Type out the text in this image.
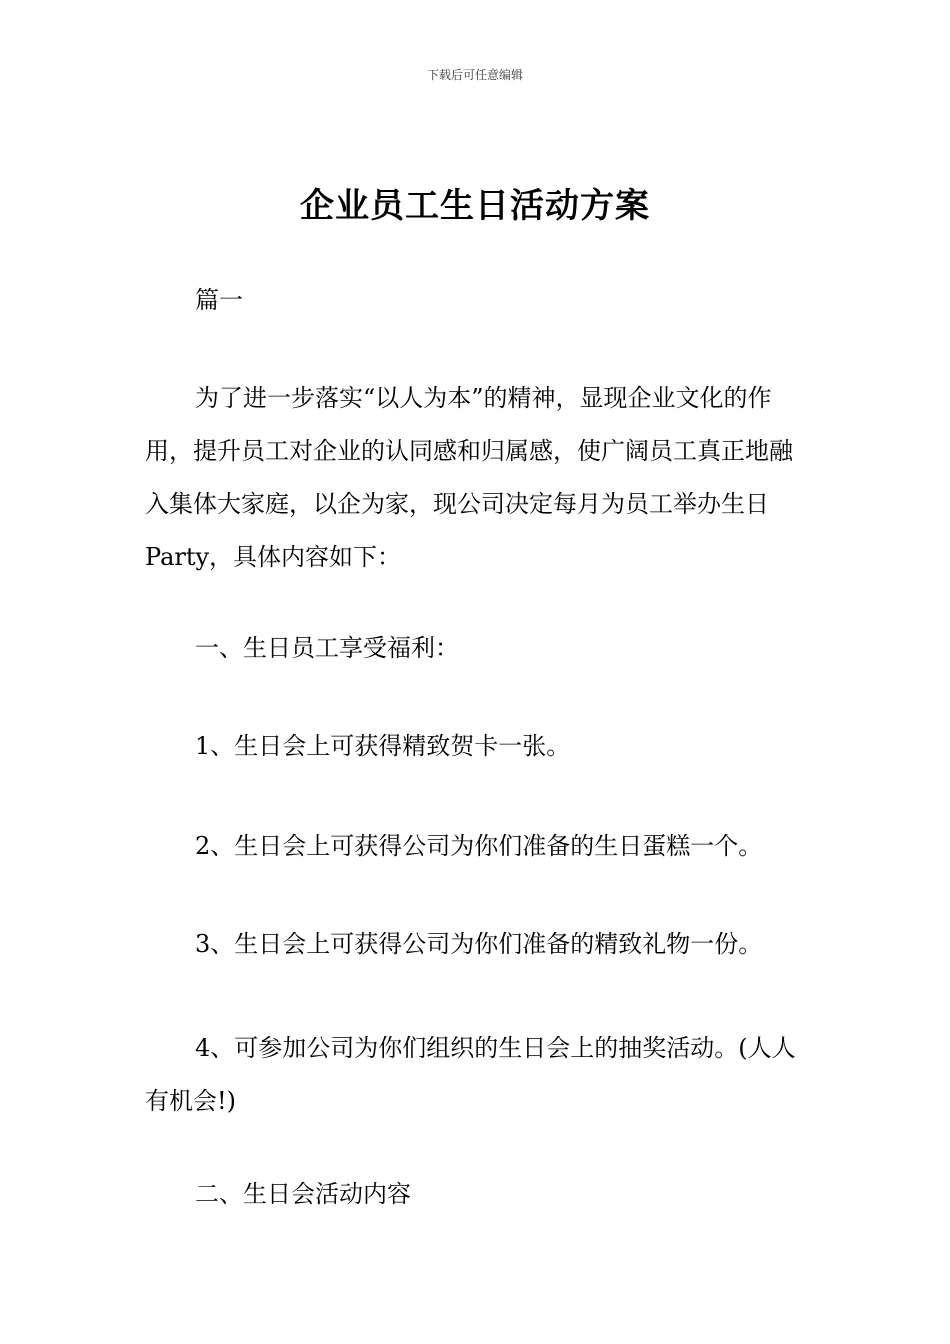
下载后可任意编辑
企业员工生日活动方案

篇一

为了进一步落实“以人为本”的精神，显现企业文化的作用，提升员工对企业的认同感和归属感，使广阔员工真正地融入集体大家庭，以企为家，现公司决定每月为员工举办生日Party，具体内容如下：

一、生日员工享受福利：

1、生日会上可获得精致贺卡一张。

2、生日会上可获得公司为你们准备的生日蛋糕一个。

3、生日会上可获得公司为你们准备的精致礼物一份。

4、可参加公司为你们组织的生日会上的抽奖活动。(人人有机会!)

二、生日会活动内容
